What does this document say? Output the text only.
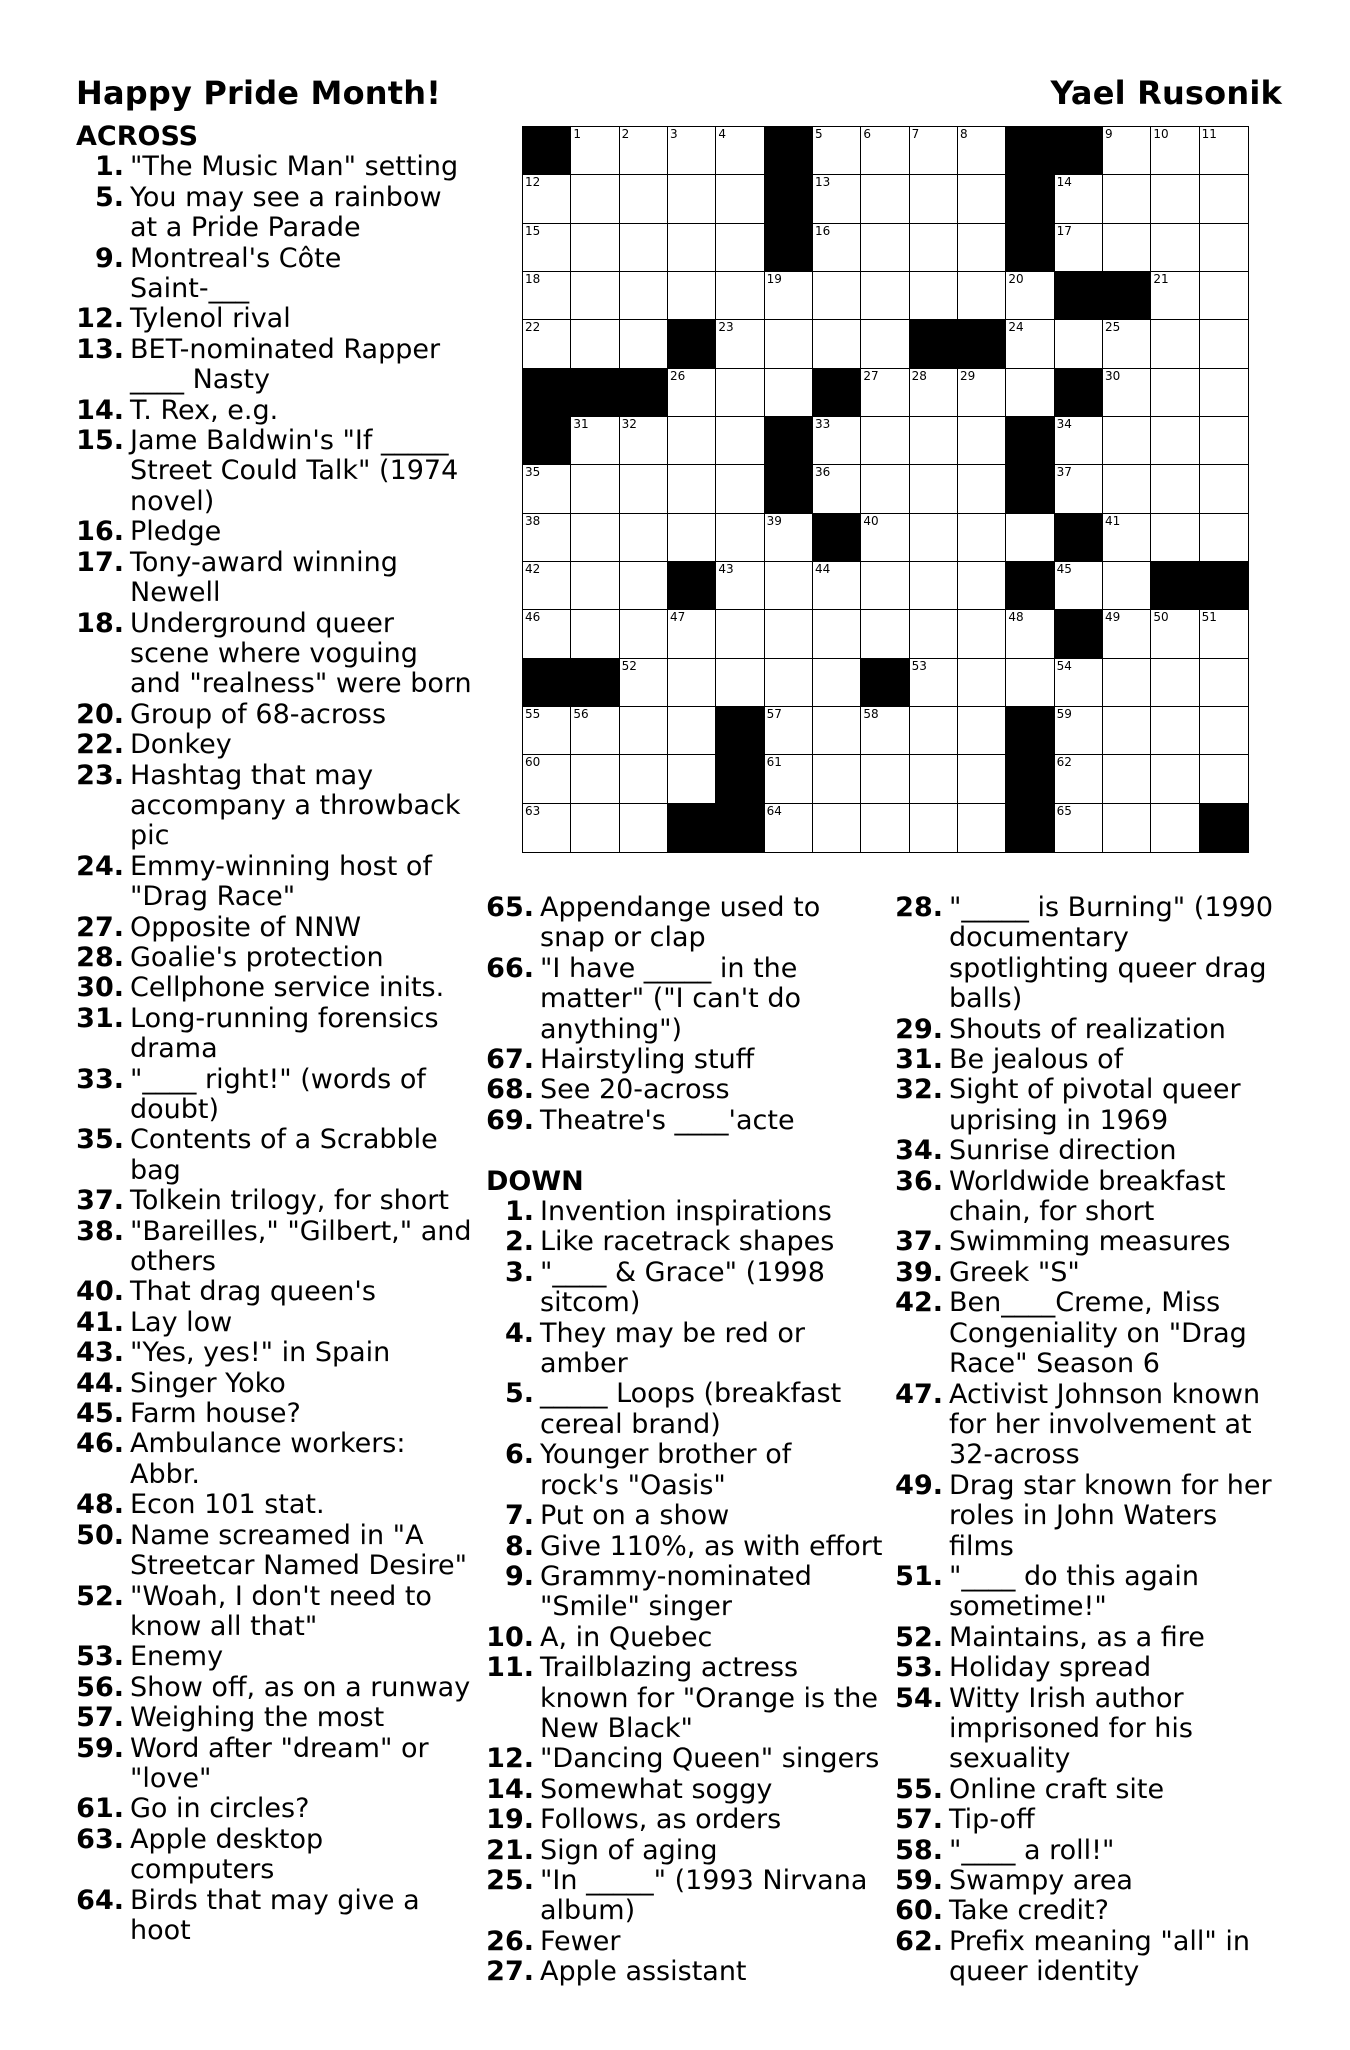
Happy Pride Month!	Yael Rusonik
ACROSS
1. "The Music Man" setting
5. You may see a rainbow
at a Pride Parade
9. Montreal's Côte
Saint-___
12. Tylenol rival
13. BET-nominated Rapper
____ Nasty
14. T. Rex, e.g.
15. Jame Baldwin's "If _____
Street Could Talk" (1974
novel)
16. Pledge
17. Tony-award winning
Newell
18. Underground queer
scene where voguing
and "realness" were born
20. Group of 68-across
22. Donkey
23. Hashtag that may
accompany a throwback
pic
24. Emmy-winning host of
"Drag Race"
27. Opposite of NNW
28. Goalie's protection
30. Cellphone service inits.
31. Long-running forensics
drama
33. "____ right!" (words of
doubt)
35. Contents of a Scrabble
bag
37. Tolkein trilogy, for short
38. "Bareilles," "Gilbert," and
others
40. That drag queen's
41. Lay low
43. "Yes, yes!" in Spain
44. Singer Yoko
45. Farm house?
46. Ambulance workers:
Abbr.
48. Econ 101 stat.
50. Name screamed in "A
Streetcar Named Desire"
52. "Woah, I don't need to
know all that"
53. Enemy
56. Show off, as on a runway
57. Weighing the most
59. Word after "dream" or
"love"
61. Go in circles?
63. Apple desktop
computers
64. Birds that may give a
hoot
1	2	3	4	5	6	7	8	9	10	11
12	13	14
15	16	17
18	19	20	21
22	23	24	25
26	27	28	29	30
31	32	33	34
35	36	37
38	39	40	41
42	43	44	45
46	47	48	49	50	51
52	53	54
55	56	57	58	59
60	61	62
63	64	65
65. Appendange used to
snap or clap
66. "I have _____ in the
matter" ("I can't do
anything")
67. Hairstyling stuff
68. See 20-across
69. Theatre's ____'acte
DOWN
1. Invention inspirations
2. Like racetrack shapes
3. "____ & Grace" (1998
sitcom)
4. They may be red or
amber
5. _____ Loops (breakfast
cereal brand)
6. Younger brother of
rock's "Oasis"
7. Put on a show
8. Give 110%, as with effort
9. Grammy-nominated
"Smile" singer
10. A, in Quebec
11. Trailblazing actress
known for "Orange is the
New Black"
12. "Dancing Queen" singers
14. Somewhat soggy
19. Follows, as orders
21. Sign of aging
25. "In _____" (1993 Nirvana
album)
26. Fewer
27. Apple assistant
28. "_____ is Burning" (1990
documentary
spotlighting queer drag
balls)
29. Shouts of realization
31. Be jealous of
32. Sight of pivotal queer
uprising in 1969
34. Sunrise direction
36. Worldwide breakfast
chain, for short
37. Swimming measures
39. Greek "S"
42. Ben____Creme, Miss
Congeniality on "Drag
Race" Season 6
47. Activist Johnson known
for her involvement at
32-across
49. Drag star known for her
roles in John Waters
films
51. "____ do this again
sometime!"
52. Maintains, as a fire
53. Holiday spread
54. Witty Irish author
imprisoned for his
sexuality
55. Online craft site
57. Tip-off
58. "____ a roll!"
59. Swampy area
60. Take credit?
62. Prefix meaning "all" in
queer identity
